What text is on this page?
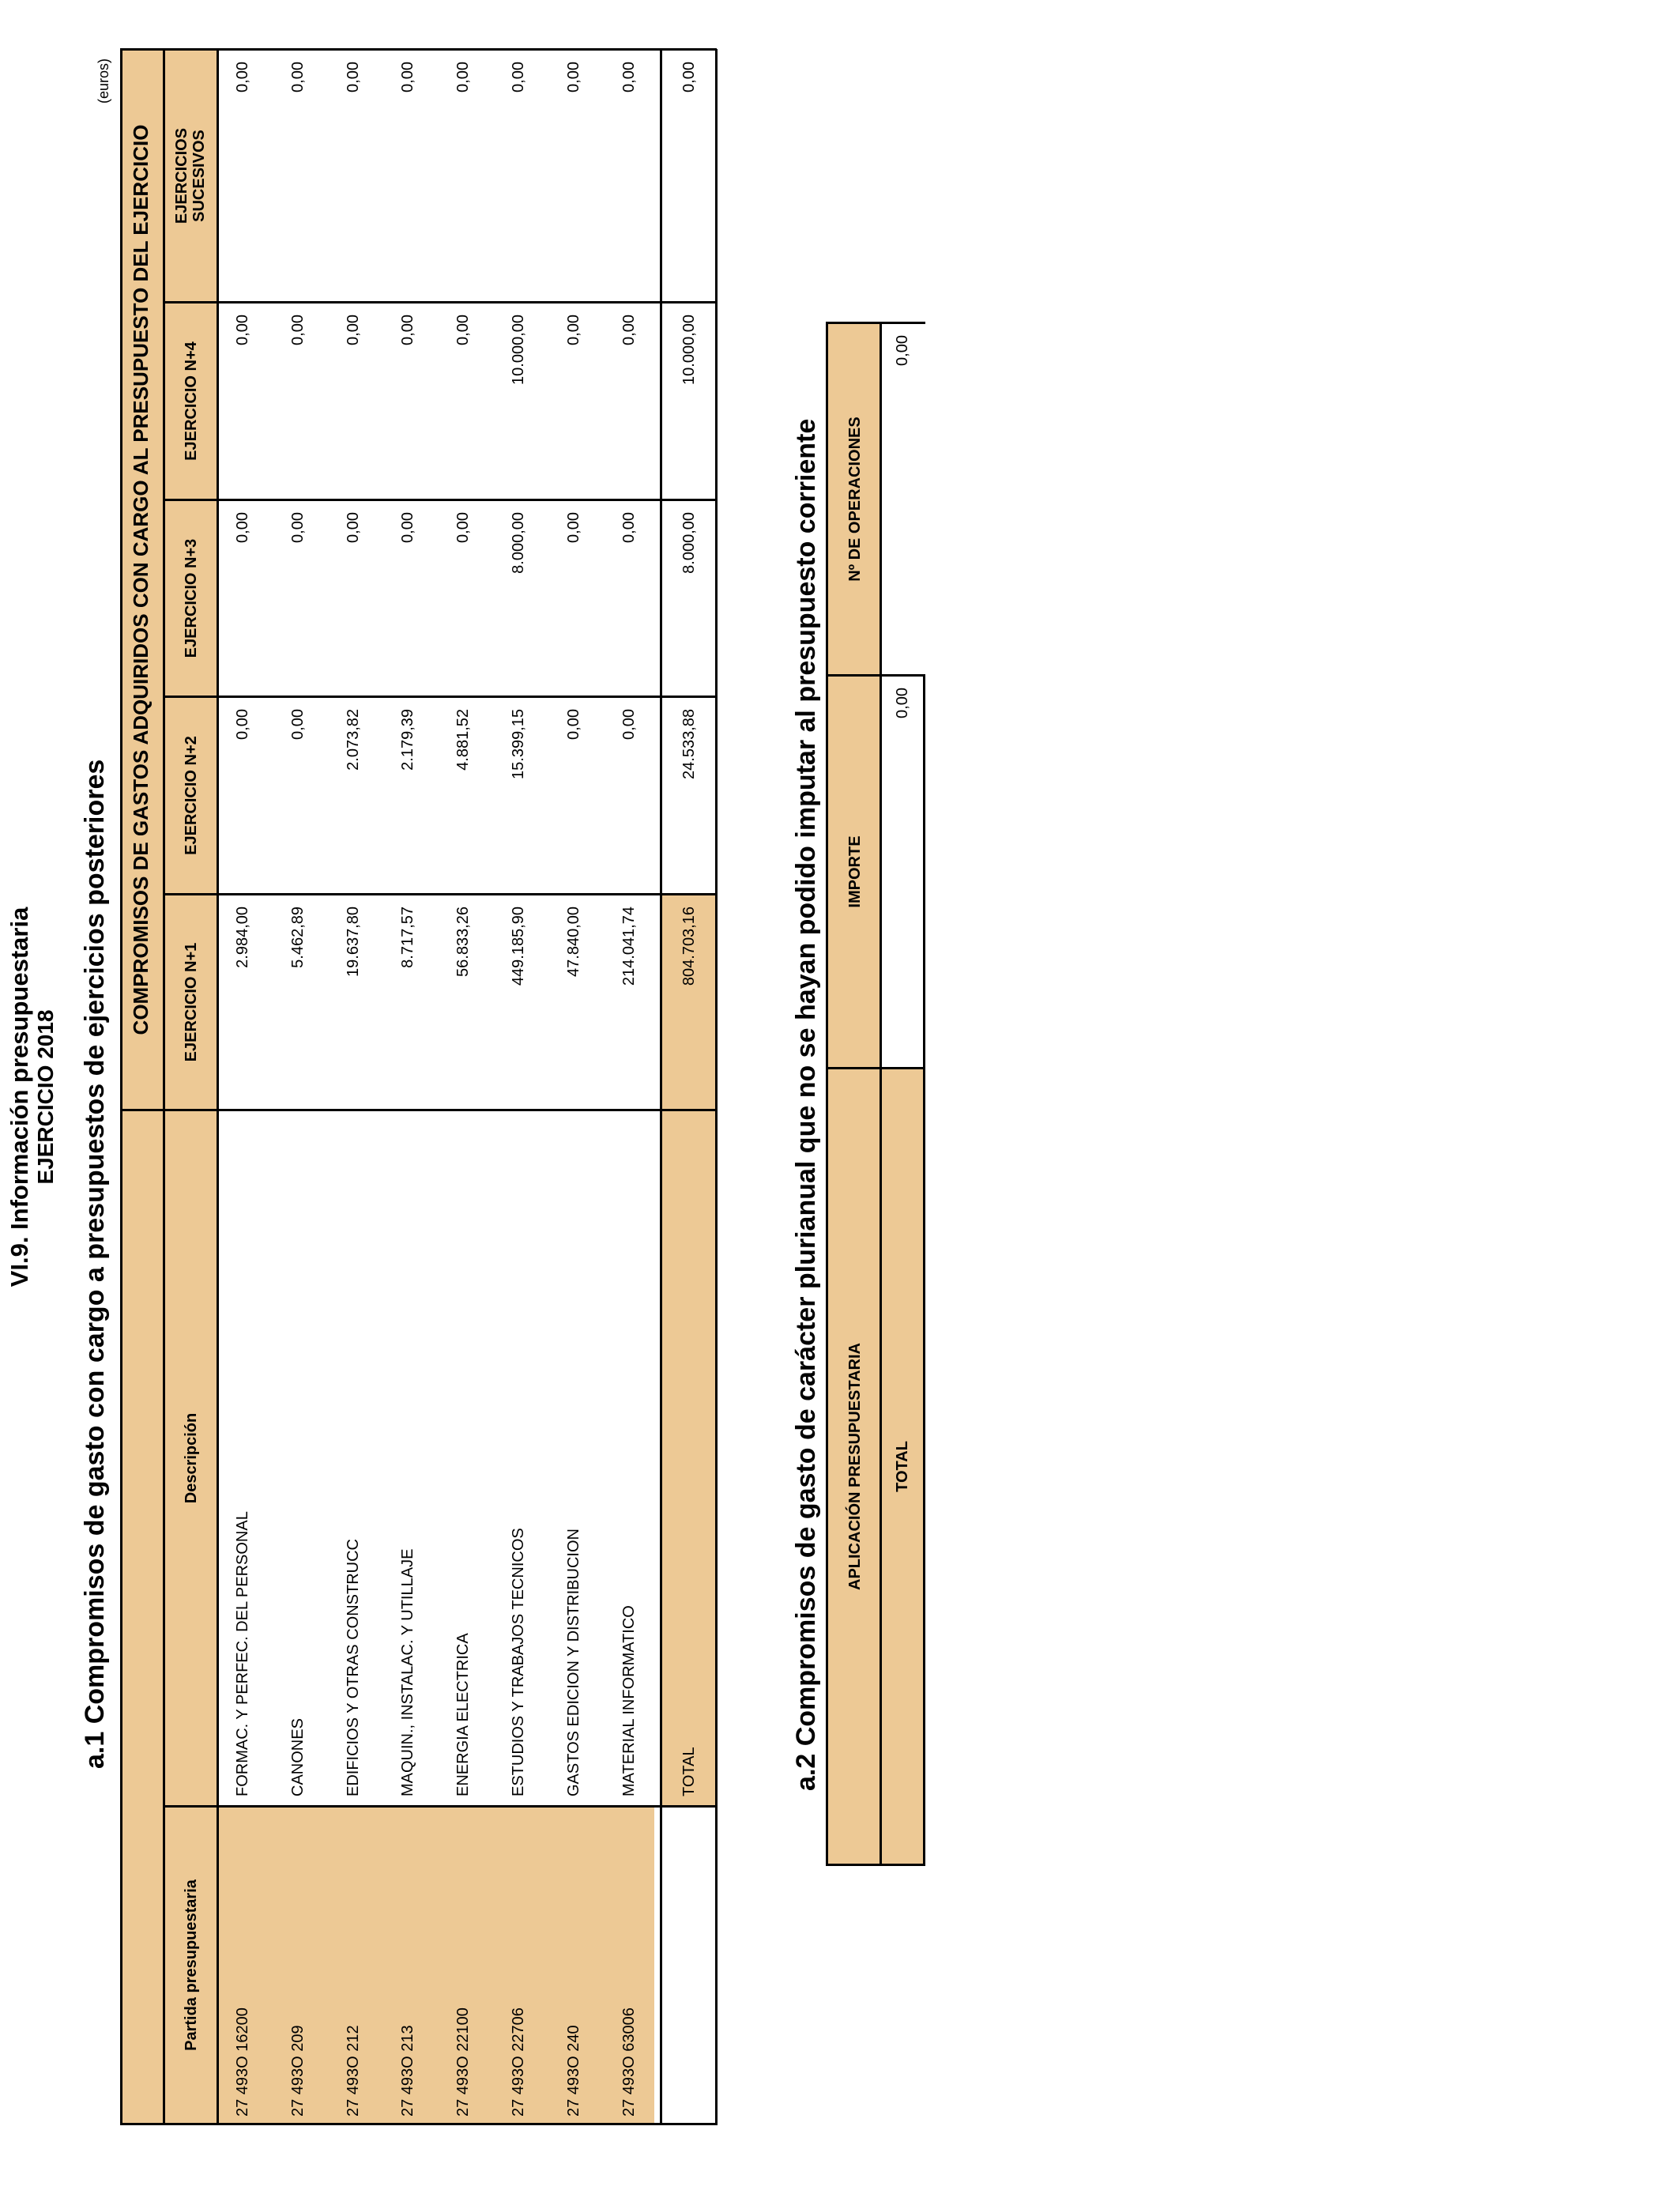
VI.9. Información presupuestaria EJERCICIO 2018 a.1 Compromisos de gasto con cargo a presupuestos de ejercicios posteriores
(euros)
COMPROMISOS DE GASTOS ADQUIRIDOS CON CARGO AL PRESUPUESTO DEL EJERCICIO
Partida presupuestaria
Descripción
EJERCICIO N+1
EJERCICIO N+2
EJERCICIO N+3
EJERCICIO N+4
EJERCICIOS SUCESIVOS
27 493O 16200
FORMAC. Y PERFEC. DEL PERSONAL
2.984,00
0,00
0,00
0,00
0,00
27 493O 209
CANONES
5.462,89
0,00
0,00
0,00
0,00
27 493O 212
EDIFICIOS Y OTRAS CONSTRUCC
19.637,80
2.073,82
0,00
0,00
0,00
27 493O 213
MAQUIN., INSTALAC. Y UTILLAJE
8.717,57
2.179,39
0,00
0,00
0,00
27 493O 22100
ENERGIA ELECTRICA
56.833,26
4.881,52
0,00
0,00
0,00
27 493O 22706
ESTUDIOS Y TRABAJOS TECNICOS
449.185,90
15.399,15
8.000,00
10.000,00
0,00
27 493O 240
GASTOS EDICION Y DISTRIBUCION
47.840,00
0,00
0,00
0,00
0,00
27 493O 63006
MATERIAL INFORMATICO
214.041,74
0,00
0,00
0,00
0,00
TOTAL
804.703,16
24.533,88
8.000,00
10.000,00
0,00
a.2 Compromisos de gasto de carácter plurianual que no se hayan podido imputar al presupuesto corriente APLICACIÓN PRESUPUESTARIA
IMPORTE
Nº DE OPERACIONES
TOTAL
0,00
0,00
